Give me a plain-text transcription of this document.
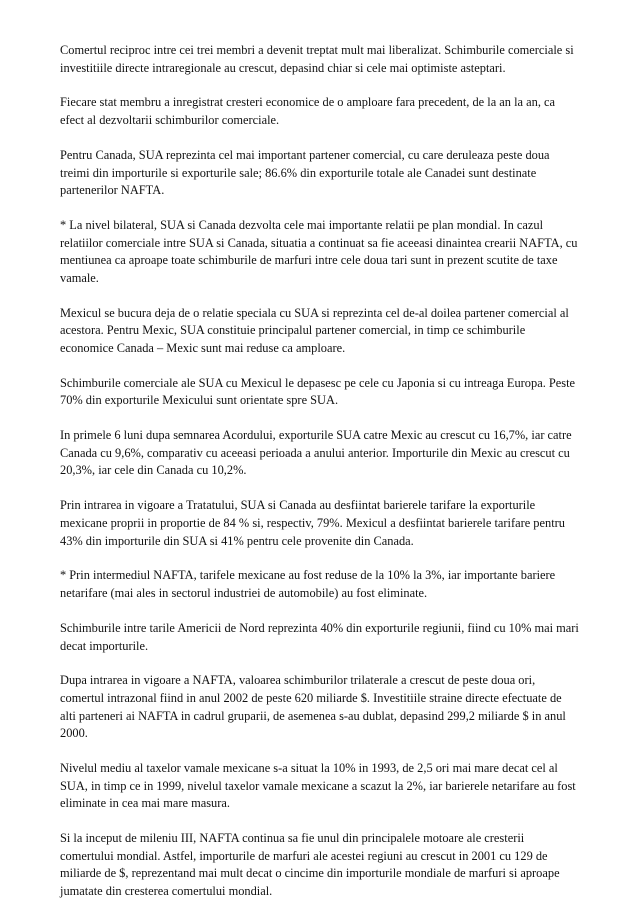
Comertul reciproc intre cei trei membri a devenit treptat mult mai liberalizat. Schimburile comerciale si investitiile directe intraregionale au crescut, depasind chiar si cele mai optimiste asteptari.

Fiecare stat membru a inregistrat cresteri economice de o amploare fara precedent, de la an la an, ca efect al dezvoltarii schimburilor comerciale.

Pentru Canada, SUA reprezinta cel mai important partener comercial, cu care deruleaza peste doua treimi din importurile si exporturile sale; 86.6% din exporturile totale ale Canadei sunt destinate partenerilor NAFTA.

* La nivel bilateral, SUA si Canada dezvolta cele mai importante relatii pe plan mondial. In cazul relatiilor comerciale intre SUA si Canada, situatia a continuat sa fie aceeasi dinaintea crearii NAFTA, cu mentiunea ca aproape toate schimburile de marfuri intre cele doua tari sunt in prezent scutite de taxe vamale.

Mexicul se bucura deja de o relatie speciala cu SUA si reprezinta cel de-al doilea partener comercial al acestora. Pentru Mexic, SUA constituie principalul partener comercial, in timp ce schimburile economice Canada – Mexic sunt mai reduse ca amploare.

Schimburile comerciale ale SUA cu Mexicul le depasesc pe cele cu Japonia si cu intreaga Europa. Peste 70% din exporturile Mexicului sunt orientate spre SUA.

In primele 6 luni dupa semnarea Acordului, exporturile SUA catre Mexic au crescut cu 16,7%, iar catre Canada cu 9,6%, comparativ cu aceeasi perioada a anului anterior. Importurile din Mexic au crescut cu 20,3%, iar cele din Canada cu 10,2%.

Prin intrarea in vigoare a Tratatului, SUA si Canada au desfiintat barierele tarifare la exporturile mexicane proprii in proportie de 84 % si, respectiv, 79%. Mexicul a desfiintat barierele tarifare pentru 43% din importurile din SUA si 41% pentru cele provenite din Canada.

* Prin intermediul NAFTA, tarifele mexicane au fost reduse de la 10% la 3%, iar importante bariere netarifare (mai ales in sectorul industriei de automobile) au fost eliminate.

Schimburile intre tarile Americii de Nord reprezinta 40% din exporturile regiunii, fiind cu 10% mai mari decat importurile.

Dupa intrarea in vigoare a NAFTA, valoarea schimburilor trilaterale a crescut de peste doua ori, comertul intrazonal fiind in anul 2002 de peste 620 miliarde $. Investitiile straine directe efectuate de alti parteneri ai NAFTA in cadrul gruparii, de asemenea s-au dublat, depasind 299,2 miliarde $ in anul 2000.

Nivelul mediu al taxelor vamale mexicane s-a situat la 10% in 1993, de 2,5 ori mai mare decat cel al SUA, in timp ce in 1999, nivelul taxelor vamale mexicane a scazut la 2%, iar barierele netarifare au fost eliminate in cea mai mare masura.

Si la inceput de mileniu III, NAFTA continua sa fie unul din principalele motoare ale cresterii comertului mondial. Astfel, importurile de marfuri ale acestei regiuni au crescut in 2001 cu 129 de miliarde de $, reprezentand mai mult decat o cincime din importurile mondiale de marfuri si aproape jumatate din cresterea comertului mondial.
